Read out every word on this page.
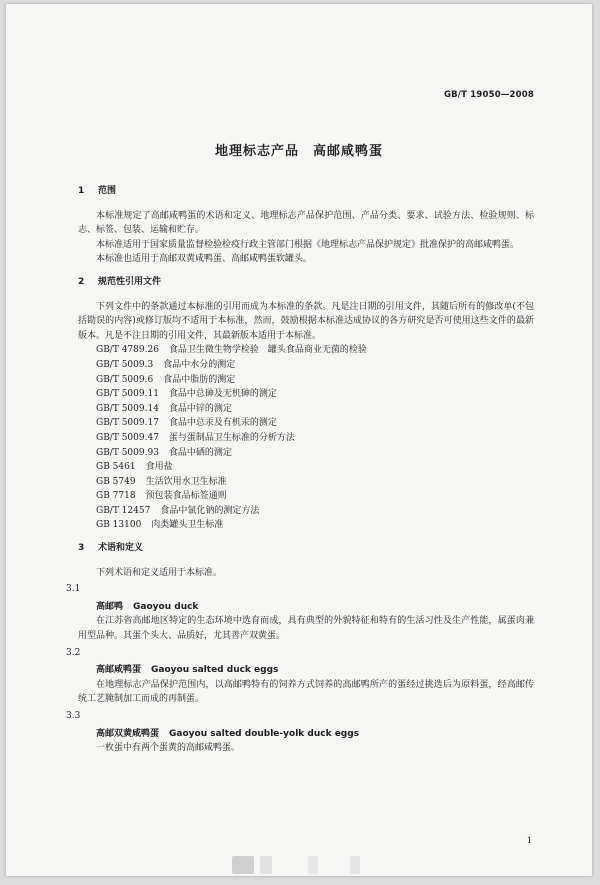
GB/T 19050—2008
地理标志产品　高邮咸鸭蛋
1	范围

本标准规定了高邮咸鸭蛋的术语和定义、地理标志产品保护范围、产品分类、要求、试验方法、检验规则、标志、标签、包装、运输和贮存。

本标准适用于国家质量监督检验检疫行政主管部门根据《地理标志产品保护规定》批准保护的高邮咸鸭蛋。

本标准也适用于高邮双黄咸鸭蛋、高邮咸鸭蛋软罐头。

2	规范性引用文件

下列文件中的条款通过本标准的引用而成为本标准的条款。凡是注日期的引用文件，其随后所有的修改单(不包括勘误的内容)或修订版均不适用于本标准，然而，鼓励根据本标准达成协议的各方研究是否可使用这些文件的最新版本。凡是不注日期的引用文件，其最新版本适用于本标准。

GB/T 4789.26 食品卫生微生物学检验　罐头食品商业无菌的检验
GB/T 5009.3 食品中水分的测定
GB/T 5009.6 食品中脂肪的测定
GB/T 5009.11 食品中总砷及无机砷的测定
GB/T 5009.14 食品中锌的测定
GB/T 5009.17 食品中总汞及有机汞的测定
GB/T 5009.47 蛋与蛋制品卫生标准的分析方法
GB/T 5009.93 食品中硒的测定
GB 5461 食用盐
GB 5749 生活饮用水卫生标准
GB 7718 预包装食品标签通则
GB/T 12457 食品中氯化钠的测定方法
GB 13100 肉类罐头卫生标准
3	术语和定义

下列术语和定义适用于本标准。

3.1
高邮鸭 Gaoyou duck

在江苏省高邮地区特定的生态环境中选育而成，具有典型的外貌特征和特有的生活习性及生产性能，属蛋肉兼用型品种。其蛋个头大、品质好，尤其善产双黄蛋。

3.2
高邮咸鸭蛋 Gaoyou salted duck eggs

在地理标志产品保护范围内，以高邮鸭特有的饲养方式饲养的高邮鸭所产的蛋经过挑选后为原料蛋，经高邮传统工艺腌制加工而成的再制蛋。

3.3
高邮双黄咸鸭蛋 Gaoyou salted double-yolk duck eggs

一枚蛋中有两个蛋黄的高邮咸鸭蛋。

1
